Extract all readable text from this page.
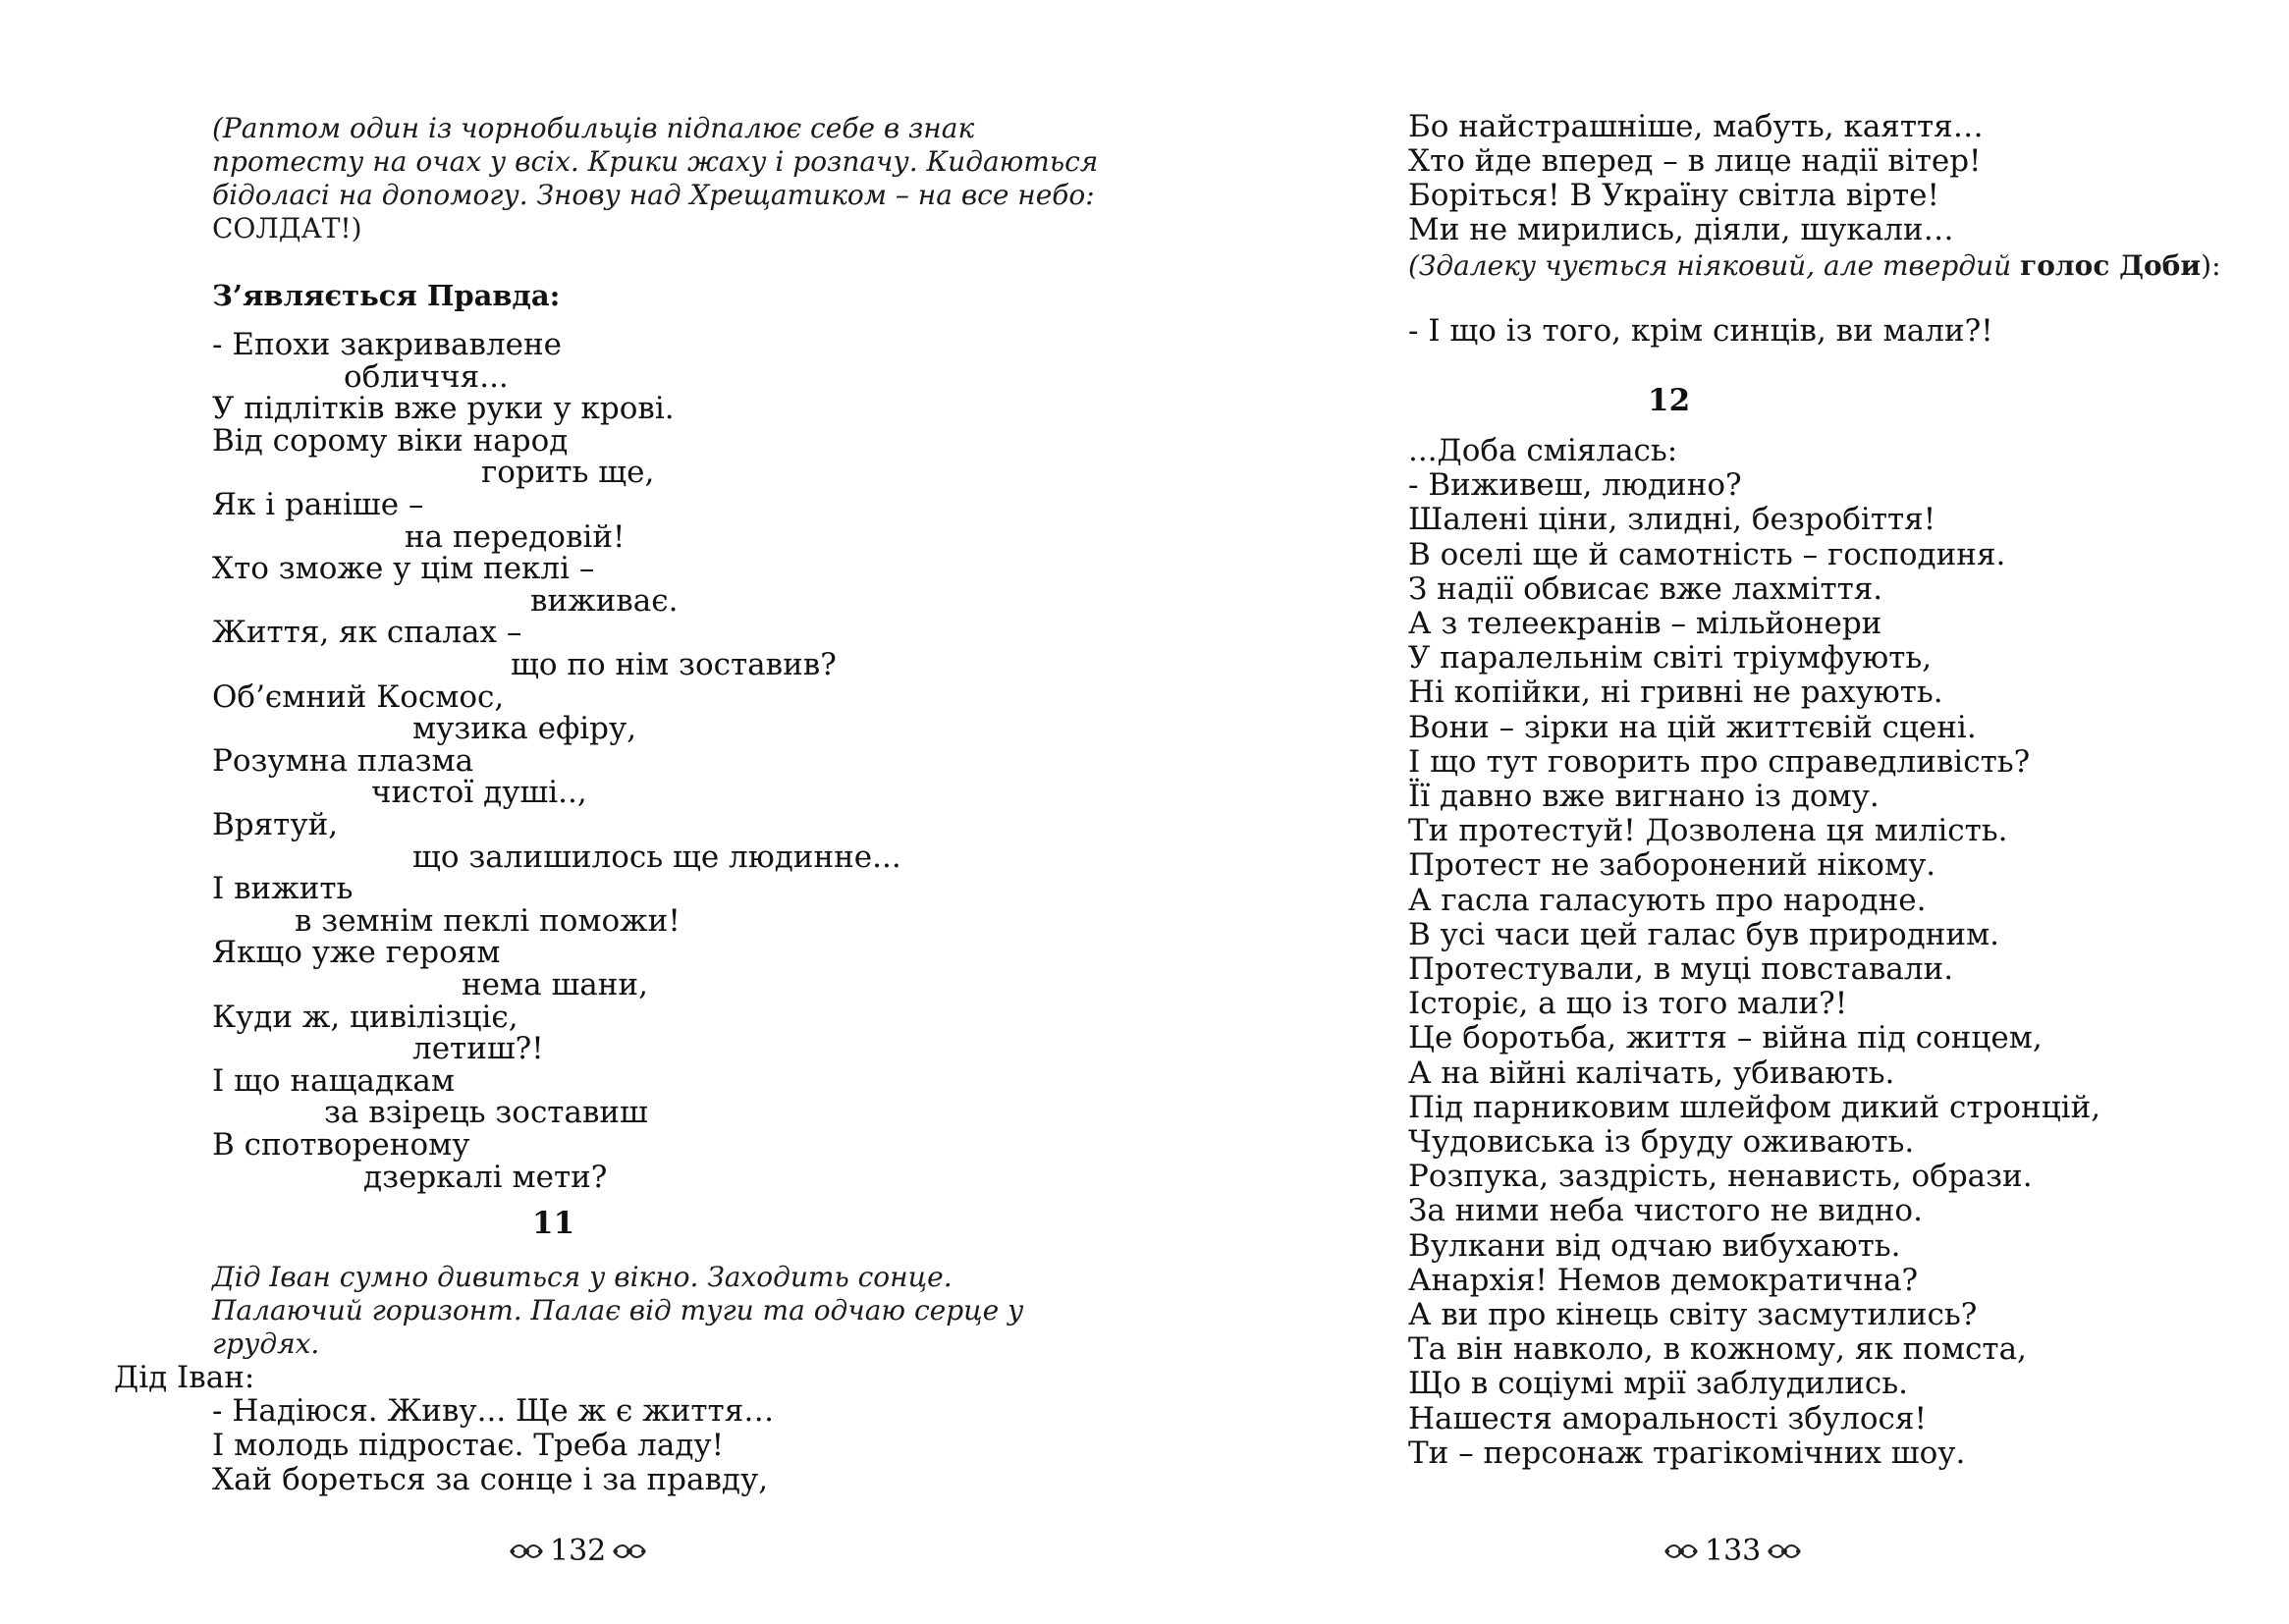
(Раптом один із чорнобильців підпалює себе в знак
протесту на очах у всіх. Крики жаху і розпачу. Кидаються
бідоласі на допомогу. Знову над Хрещатиком – на все небо:
СОЛДАТ!)
З’являється Правда:
- Епохи закривавлене
обличчя...
У підлітків вже руки у крові.
Від сорому віки народ
горить ще,
Як і раніше –
на передовій!
Хто зможе у цім пеклі –
виживає.
Життя, як спалах –
що по нім зоставив?
Об’ємний Космос,
музика ефіру,
Розумна плазма
чистої душі..,
Врятуй,
що залишилось ще людинне...
І вижить
в земнім пеклі поможи!
Якщо уже героям
нема шани,
Куди ж, цивілізціє,
летиш?!
І що нащадкам
за взірець зоставиш
В спотвореному
дзеркалі мети?
11
Дід Іван сумно дивиться у вікно. Заходить сонце.
Палаючий горизонт. Палає від туги та одчаю серце у
грудях.
Дід Іван:
- Надіюся. Живу... Ще ж є життя…
І молодь підростає. Треба ладу!
Хай бореться за сонце і за правду,
132
Бо найстрашніше, мабуть, каяття…
Хто йде вперед – в лице надії вітер!
Боріться! В Україну світла вірте!
Ми не мирились, діяли, шукали…
(Здалеку чується ніяковий, але твердий голос Доби):
- І що із того, крім синців, ви мали?!
12
...Доба сміялась:
- Виживеш, людино?
Шалені ціни, злидні, безробіття!
В оселі ще й самотність – господиня.
З надії обвисає вже лахміття.
А з телеекранів – мільйонери
У паралельнім світі тріумфують,
Ні копійки, ні гривні не рахують.
Вони – зірки на цій життєвій сцені.
І що тут говорить про справедливість?
Її давно вже вигнано із дому.
Ти протестуй! Дозволена ця милість.
Протест не заборонений нікому.
А гасла галасують про народне.
В усі часи цей галас був природним.
Протестували, в муці повставали.
Історіє, а що із того мали?!
Це боротьба, життя – війна під сонцем,
А на війні калічать, убивають.
Під парниковим шлейфом дикий стронцій,
Чудовиська із бруду оживають.
Розпука, заздрість, ненависть, образи.
За ними неба чистого не видно.
Вулкани від одчаю вибухають.
Анархія! Немов демократична?
А ви про кінець світу засмутились?
Та він навколо, в кожному, як помста,
Що в соціумі мрії заблудились.
Нашестя аморальності збулося!
Ти – персонаж трагікомічних шоу.
133
